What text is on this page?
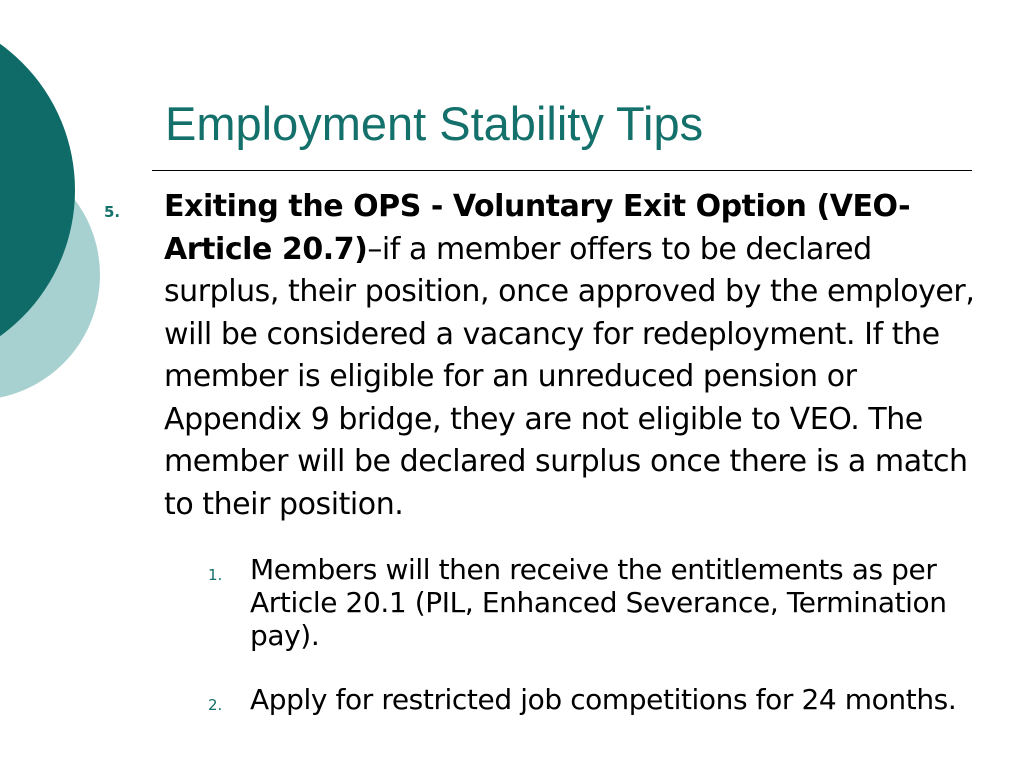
Employment Stability Tips
5. Exiting the OPS - Voluntary Exit Option (VEO-Article 20.7)–if a member offers to be declared surplus, their position, once approved by the employer, will be considered a vacancy for redeployment. If the member is eligible for an unreduced pension or Appendix 9 bridge, they are not eligible to VEO. The member will be declared surplus once there is a match to their position.
1. Members will then receive the entitlements as per Article 20.1 (PIL, Enhanced Severance, Termination pay).
2. Apply for restricted job competitions for 24 months.
